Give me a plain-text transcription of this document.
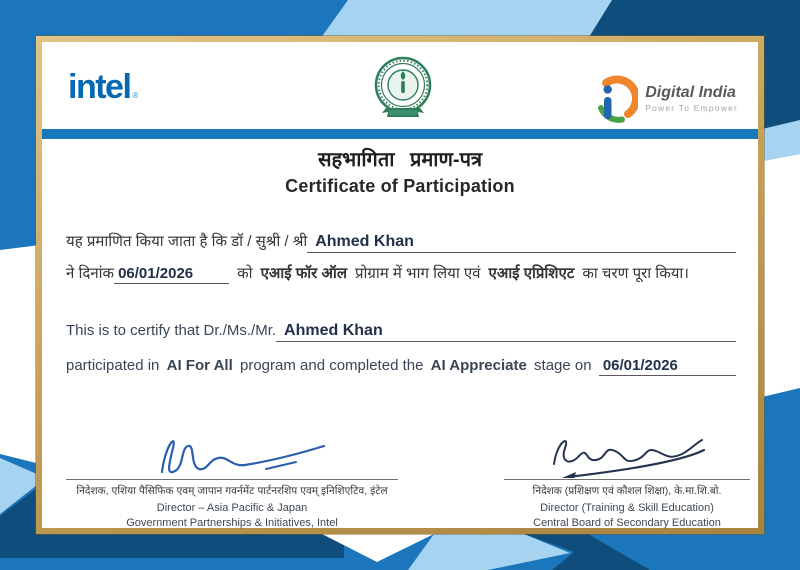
intel ®	Digital India
Power To Empower
सहभागिता प्रमाण-पत्र
Certificate of Participation
यह प्रमाणित किया जाता है कि डॉ / सुश्री / श्री Ahmed Khan
ने दिनांक 06/01/2026	को एआई फॉर ऑल प्रोग्राम में भाग लिया एवं एआई एप्रिशिएट का चरण पूरा किया।
This is to certify that Dr./Ms./Mr. Ahmed Khan
participated in AI For All program and completed the AI Appreciate stage on 06/01/2026
निदेशक, एशिया पैसिफिक एवम् जापान गवर्नमेंट पार्टनरशिप एवम् इनिशिएटिव, इंटेल
Director – Asia Pacific & Japan
Government Partnerships & Initiatives, Intel
निदेशक (प्रशिक्षण एवं कौशल शिक्षा), के.मा.शि.बो.
Director (Training & Skill Education)
Central Board of Secondary Education
